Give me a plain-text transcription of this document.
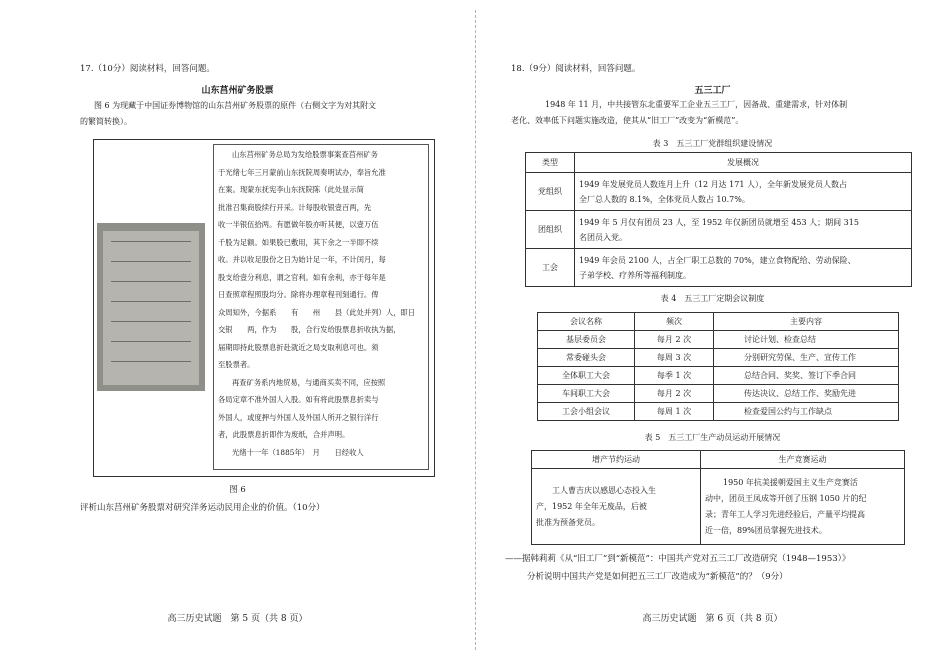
17.（10分）阅读材料，回答问题。
山东莒州矿务股票
图 6 为现藏于中国证券博物馆的山东莒州矿务股票的原件（右侧文字为对其附文
的繁简转换）。
山东莒州矿务总局为发给股票事案查莒州矿务
于光绪七年三月蒙前山东抚院周奏明试办，奉旨允准
在案。现蒙东抚宪李山东抚院陈（此处显示简
批准召集商股续行开采。计每股收银壹百两，先
收一半银伍拾两。有愿做年股亦听其便，以壹万伍
千股为足额。如果股已敷用，其下余之一半即不续
收。并以收足股份之日为始计足一年，不计闰月，每
股支给壹分利息，谓之官利。如有余利，亦于每年是
日查照章程照股均分。除将办理章程刊刻通行。俾
众周知外，今据系　　有　　州　　县（此处并列）人，即日
交银　　两，作为　　股，合行发给股票息折收执为据，
届期即持此股票息折赴就近之局支取利息可也。须
至股票者。
再查矿务系内地贸易，与通商买卖不同，应按照
各局定章不准外国人入股。如有将此股票息折卖与
外国人，或度押与外国人及外国人所开之银行洋行
者，此股票息折即作为废纸，合并声明。
光绪十一年（1885年）　月　　日经收人
图 6
评析山东莒州矿务股票对研究洋务运动民用企业的价值。（10分）
高三历史试题　第 5 页（共 8 页）
18.（9分）阅读材料，回答问题。
五三工厂
1948 年 11 月，中共接管东北重要军工企业五三工厂，因备战、重建需求，针对体制
老化、效率低下问题实施改造，使其从“旧工厂”改变为“新模范”。
表 3　五三工厂党群组织建设情况
类型	发展概况
党组织	1949 年发展党员人数连月上升（12 月达 171 人），全年新发展党员人数占
全厂总人数的 8.1%，全体党员人数占 10.7%。

团组织	1949 年 5 月仅有团员 23 人，至 1952 年仅新团员就增至 453 人；期间 315
名团员入党。

工会	1949 年会员 2100 人，占全厂职工总数的 70%，建立食物配给、劳动保险、
子弟学校、疗养所等福利制度。
表 4　五三工厂定期会议制度
会议名称	频次	主要内容
基层委员会	每月 2 次	讨论计划、检查总结
常委碰头会	每周 3 次	分别研究劳保、生产、宣传工作
全体职工大会	每季 1 次	总结合同、奖奖、签订下季合同
车间职工大会	每月 2 次	传达决议、总结工作、奖励先进
工会小组会议	每周 1 次	检查爱国公约与工作缺点
表 5　五三工厂生产动员运动开展情况
增产节约运动	生产竞赛运动

工人曹吉庆以感恩心态投入生
产，1952 年全年无废品，后被
批准为预备党员。	1950 年抗美援朝爱国主义生产竞赛活
动中，团员王凤成等开创了压钢 1050 片的纪
录；青年工人学习先进经验后，产量平均提高
近一倍，89%团员掌握先进技术。
——据韩莉莉《从“旧工厂”到“新模范”：中国共产党对五三工厂改造研究（1948—1953）》
分析说明中国共产党是如何把五三工厂改造成为“新模范”的？（9分）
高三历史试题　第 6 页（共 8 页）
